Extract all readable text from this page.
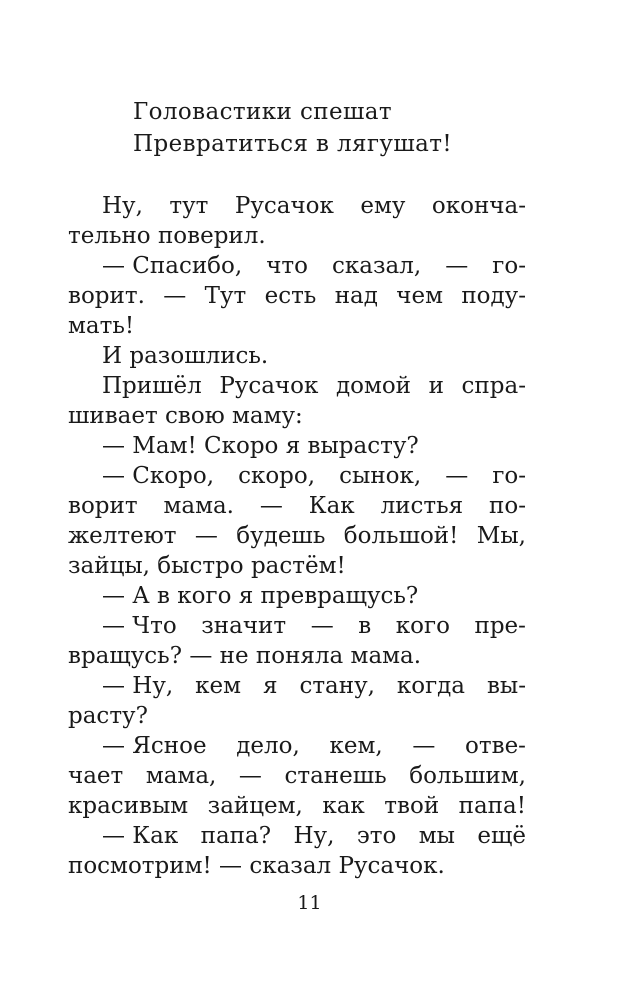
Головастики спешат
Превратиться в лягушат!
Ну, тут Русачок ему оконча-
тельно поверил.
— Спасибо, что сказал, — го-
ворит. — Тут есть над чем поду-
мать!
И разошлись.
Пришёл Русачок домой и спра-
шивает свою маму:
— Мам! Скоро я вырасту?
— Скоро, скоро, сынок, — го-
ворит мама. — Как листья по-
желтеют — будешь большой! Мы,
зайцы, быстро растём!
— А в кого я превращусь?
— Что значит — в кого пре-
вращусь? — не поняла мама.
— Ну, кем я стану, когда вы-
расту?
— Ясное дело, кем, — отве-
чает мама, — станешь большим,
красивым зайцем, как твой папа!
— Как папа? Ну, это мы ещё
посмотрим! — сказал Русачок.
11
